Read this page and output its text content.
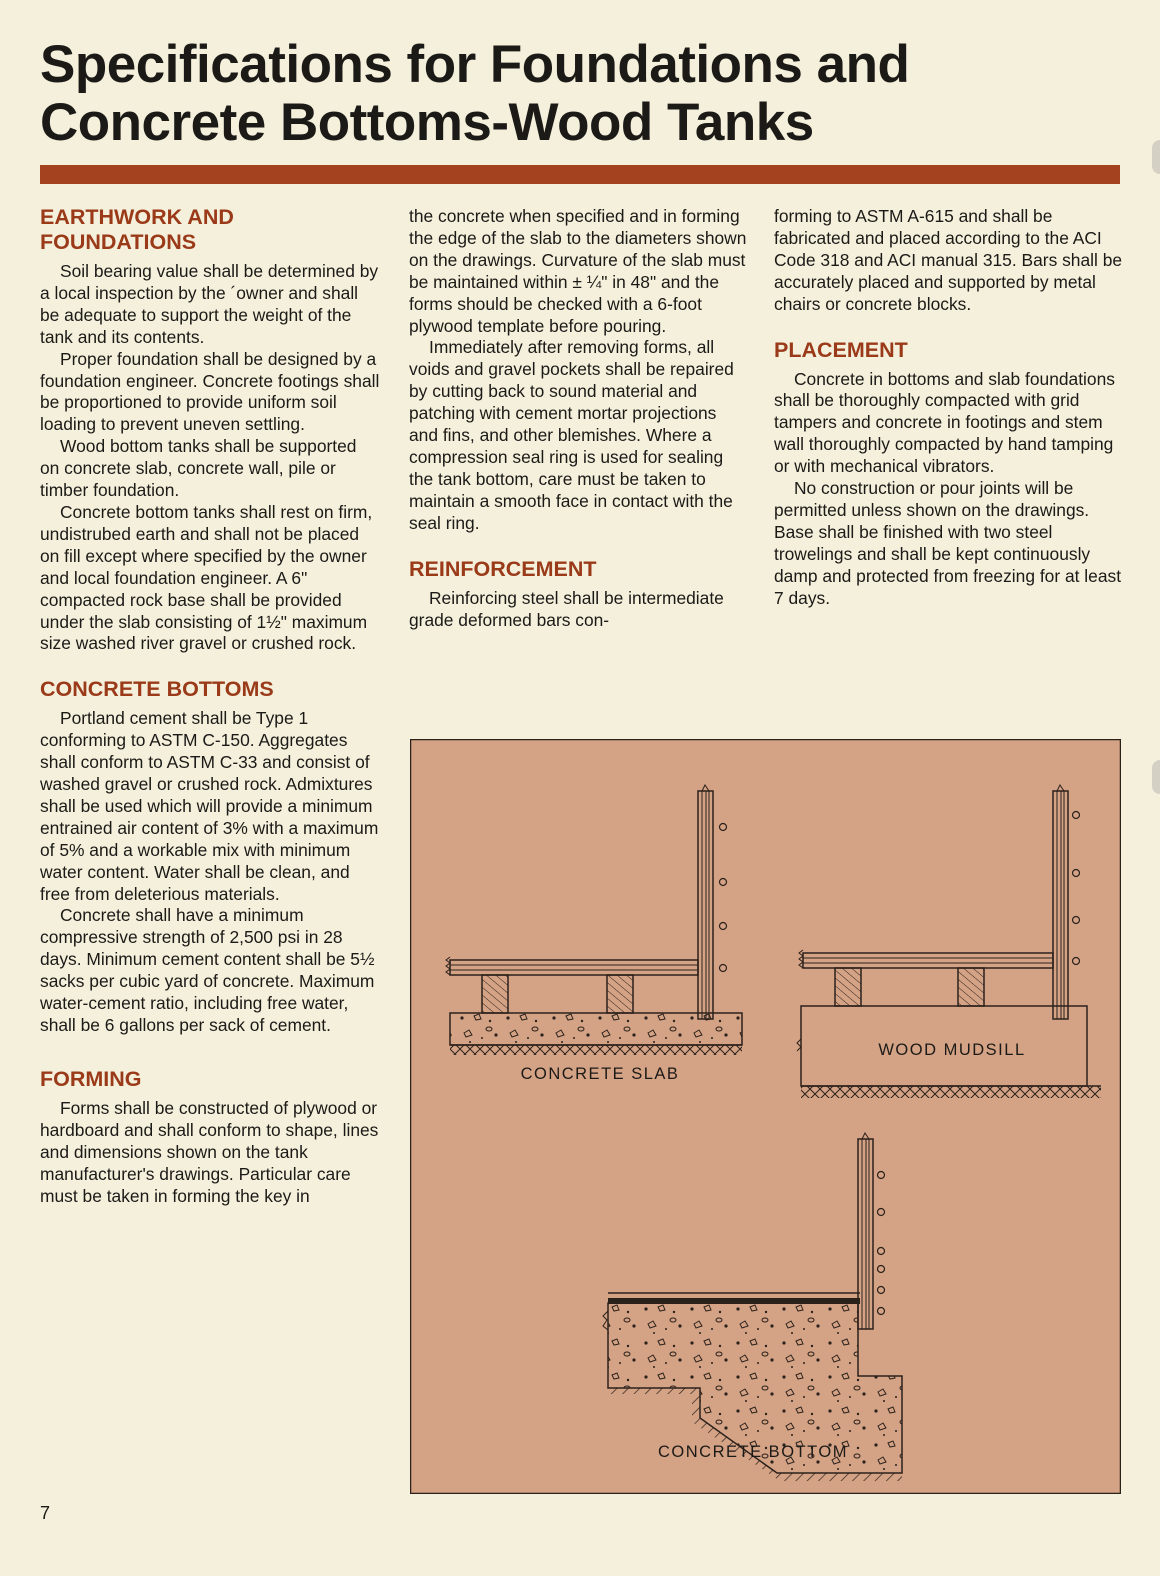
Specifications for Foundations and
Concrete Bottoms-Wood Tanks
EARTHWORK AND
FOUNDATIONS

Soil bearing value shall be determined by a local inspection by the ´owner and shall be adequate to support the weight of the tank and its contents.

Proper foundation shall be designed by a foundation engineer. Concrete footings shall be proportioned to provide uniform soil loading to prevent uneven settling.

Wood bottom tanks shall be supported on concrete slab, concrete wall, pile or timber foundation.

Concrete bottom tanks shall rest on firm, undistrubed earth and shall not be placed on fill except where specified by the owner and local foundation engineer. A 6" compacted rock base shall be provided under the slab consisting of 1½" maximum size washed river gravel or crushed rock.

CONCRETE BOTTOMS

Portland cement shall be Type 1 conforming to ASTM C-150. Aggregates shall conform to ASTM C-33 and consist of washed gravel or crushed rock. Admixtures shall be used which will provide a minimum entrained air content of 3% with a maximum of 5% and a workable mix with minimum water content. Water shall be clean, and free from deleterious materials.

Concrete shall have a minimum compressive strength of 2,500 psi in 28 days. Minimum cement content shall be 5½ sacks per cubic yard of concrete. Maximum water-cement ratio, including free water, shall be 6 gallons per sack of cement.

FORMING

Forms shall be constructed of plywood or hardboard and shall conform to shape, lines and dimensions shown on the tank manufacturer's drawings. Particular care must be taken in forming the key in

the concrete when specified and in forming the edge of the slab to the diameters shown on the drawings. Curvature of the slab must be maintained within ± ¼" in 48" and the forms should be checked with a 6-foot plywood template before pouring.

Immediately after removing forms, all voids and gravel pockets shall be repaired by cutting back to sound material and patching with cement mortar projections and fins, and other blemishes. Where a compression seal ring is used for sealing the tank bottom, care must be taken to maintain a smooth face in contact with the seal ring.

REINFORCEMENT

Reinforcing steel shall be intermediate grade deformed bars con-

forming to ASTM A-615 and shall be fabricated and placed according to the ACI Code 318 and ACI manual 315. Bars shall be accurately placed and supported by metal chairs or concrete blocks.

PLACEMENT

Concrete in bottoms and slab foundations shall be thoroughly compacted with grid tampers and concrete in footings and stem wall thoroughly compacted by hand tamping or with mechanical vibrators.

No construction or pour joints will be permitted unless shown on the drawings. Base shall be finished with two steel trowelings and shall be kept continuously damp and protected from freezing for at least 7 days.

CONCRETE SLAB
WOOD MUDSILL
CONCRETE BOTTOM
7
